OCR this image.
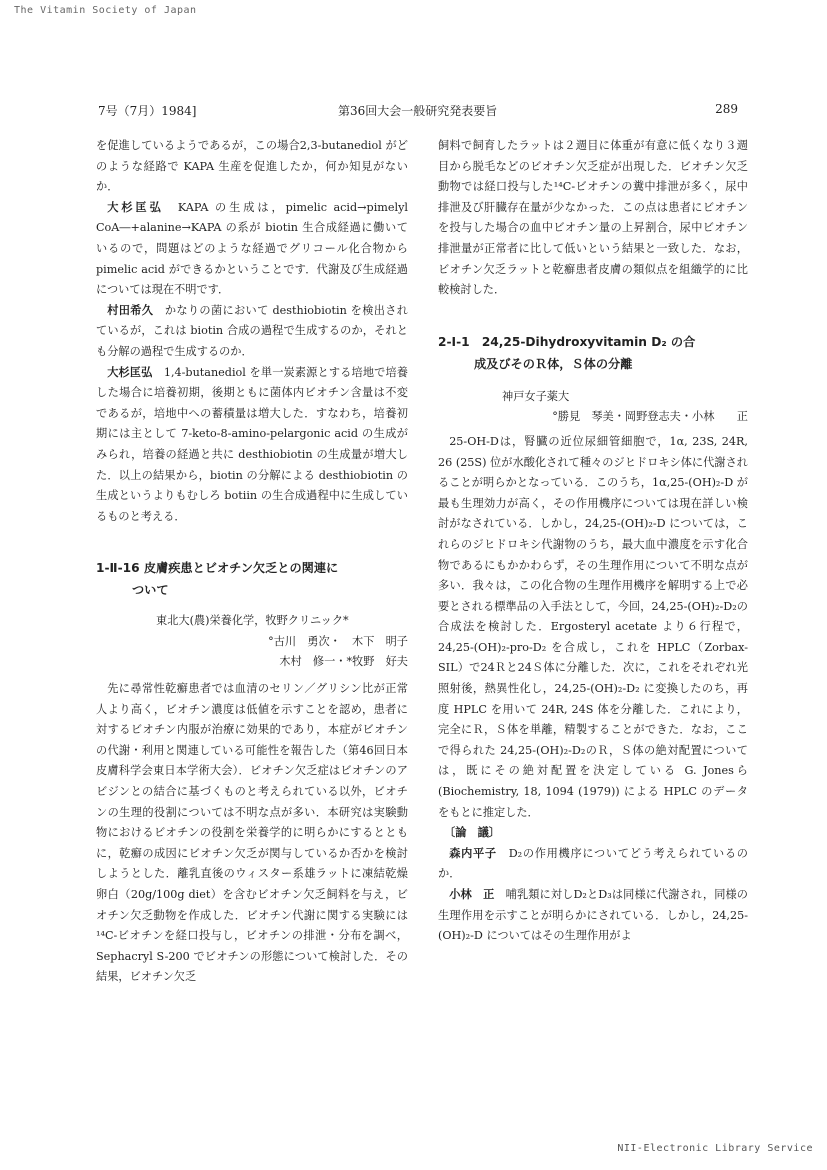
The Vitamin Society of Japan
7号（7月）1984]	第36回大会一般研究発表要旨	289

を促進しているようであるが，この場合2,3-butanediol がどのような経路で KAPA 生産を促進したか，何か知見がないか．

大杉匡弘　 KAPA の生成は，pimelic acid→pimelyl CoA―+alanine→KAPA の系が biotin 生合成経過に働いているので，問題はどのような経過でグリコール化合物から pimelic acid ができるかということです．代謝及び生成経過については現在不明です．

村田希久　 かなりの菌において desthiobiotin を検出されているが，これは biotin 合成の過程で生成するのか，それとも分解の過程で生成するのか．

大杉匡弘　 1,4-butanediol を単一炭素源とする培地で培養した場合に培養初期，後期ともに菌体内ビオチン含量は不変であるが，培地中への蓄積量は増大した．すなわち，培養初期には主として 7-keto-8-amino-pelargonic acid の生成がみられ，培養の経過と共に desthiobiotin の生成量が増大した．以上の結果から，biotin の分解による desthiobiotin の生成というよりもむしろ botiin の生合成過程中に生成しているものと考える．

1-Ⅱ-16 皮膚疾患とビオチン欠乏との関連に
ついて

東北大(農)栄養化学，牧野クリニック*

°古川　勇次・　木下　明子

木村　修一・*牧野　好夫

先に尋常性乾癬患者では血清のセリン／グリシン比が正常人より高く，ビオチン濃度は低値を示すことを認め，患者に対するビオチン内服が治療に効果的であり，本症がビオチンの代謝・利用と関連している可能性を報告した（第46回日本皮膚科学会東日本学術大会）．ビオチン欠乏症はビオチンのアビジンとの結合に基づくものと考えられている以外，ビオチンの生理的役割については不明な点が多い．本研究は実験動物におけるビオチンの役割を栄養学的に明らかにするとともに，乾癬の成因にビオチン欠乏が関与しているか否かを検討しようとした．離乳直後のウィスター系雄ラットに凍結乾燥卵白（20g/100g diet）を含むビオチン欠乏飼料を与え，ビオチン欠乏動物を作成した．ビオチン代謝に関する実験には¹⁴C-ビオチンを経口投与し，ビオチンの排泄・分布を調べ，Sephacryl S-200 でビオチンの形態について検討した．その結果，ビオチン欠乏

飼料で飼育したラットは２週目に体重が有意に低くなり３週目から脱毛などのビオチン欠乏症が出現した．ビオチン欠乏動物では経口投与した¹⁴C-ビオチンの糞中排泄が多く，尿中排泄及び肝臓存在量が少なかった．この点は患者にビオチンを投与した場合の血中ビオチン量の上昇割合，尿中ビオチン排泄量が正常者に比して低いという結果と一致した．なお，ビオチン欠乏ラットと乾癬患者皮膚の類似点を組織学的に比較検討した．

2-Ⅰ-1　 24,25-Dihydroxyvitamin D₂ の合
成及びそのＲ体，Ｓ体の分離

神戸女子薬大

°勝見　琴美・岡野登志夫・小林　　正

25-OH-Dは，腎臓の近位尿細管細胞で，1α, 23S, 24R, 26 (25S) 位が水酸化されて種々のジヒドロキシ体に代謝されることが明らかとなっている．このうち，1α,25-(OH)₂-D が最も生理効力が高く，その作用機序については現在詳しい検討がなされている．しかし，24,25-(OH)₂-D については，これらのジヒドロキシ代謝物のうち，最大血中濃度を示す化合物であるにもかかわらず，その生理作用について不明な点が多い．我々は，この化合物の生理作用機序を解明する上で必要とされる標準品の入手法として，今回，24,25-(OH)₂-D₂の合成法を検討した．Ergosteryl acetate より６行程で，24,25-(OH)₂-pro-D₂ を合成し，これを HPLC（Zorbax-SIL）で24Ｒと24Ｓ体に分離した．次に，これをそれぞれ光照射後，熱異性化し，24,25-(OH)₂-D₂ に変換したのち，再度 HPLC を用いて 24R, 24S 体を分離した．これにより，完全にＲ，Ｓ体を単離，精製することができた．なお，ここで得られた 24,25-(OH)₂-D₂のＲ，Ｓ体の絶対配置については，既にその絶対配置を決定している G. Jonesら (Biochemistry, 18, 1094 (1979)) による HPLC のデータをもとに推定した．

〔論　議〕

森内平子　 D₂の作用機序についてどう考えられているのか．

小林　正　 哺乳類に対しD₂とD₃は同様に代謝され，同様の生理作用を示すことが明らかにされている．しかし，24,25-(OH)₂-D についてはその生理作用がよ

NII-Electronic Library Service
